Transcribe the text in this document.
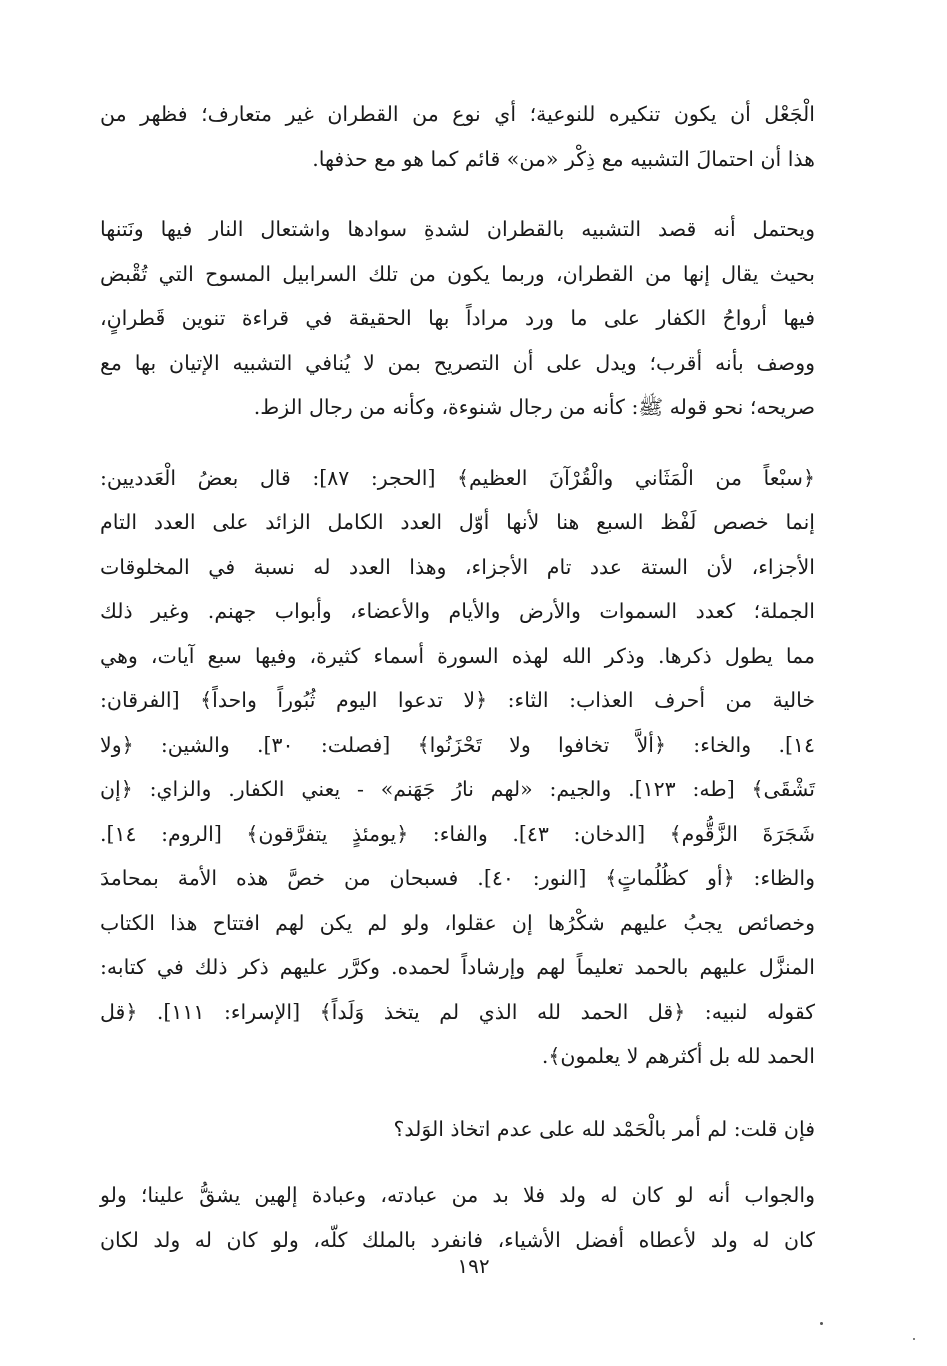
الْجَعْل أن يكون تنكيره للنوعية؛ أي نوع من القطران غير متعارف؛ فظهر من
هذا أن احتمالَ التشبيه مع ذِكْر «من» قائم كما هو مع حذفها.
ويحتمل أنه قصد التشبيه بالقطران لشدةِ سوادها واشتعال النار فيها ونَتنها
بحيث يقال إنها من القطران، وربما يكون من تلك السرابيل المسوح التي تُقْبض
فيها أرواحُ الكفار على ما ورد مراداً بها الحقيقة في قراءة تنوين قَطرانٍ،
ووصف بأنه أقرب؛ ويدل على أن التصريح بمن لا يُنافي التشبيه الإتيان بها مع
صريحه؛ نحو قوله ﷺ: كأنه من رجال شنوءة، وكأنه من رجال الزط.
﴿سبْعاً من الْمَثَاني والْقُرْآنَ العظيم﴾ [الحجر: ٨٧]: قال بعضُ الْعَدديين:
إنما خصص لَفْظ السبع هنا لأنها أوّل العدد الكامل الزائد على العدد التام
الأجزاء، لأن الستة عدد تام الأجزاء، وهذا العدد له نسبة في المخلوقات
الجملة؛ كعدد السموات والأرض والأيام والأعضاء، وأبواب جهنم. وغير ذلك
مما يطول ذكرها. وذكر الله لهذه السورة أسماء كثيرة، وفيها سبع آيات، وهي
خالية من أحرف العذاب: الثاء: ﴿لا تدعوا اليوم ثُبُوراً واحداً﴾ [الفرقان:
١٤]. والخاء: ﴿ألاَّ تخافوا ولا تَحْزَنُوا﴾ [فصلت: ٣٠]. والشين: ﴿ولا
تَشْقَى﴾ [طه: ١٢٣]. والجيم: «لهم نارُ جَهَنم» - يعني الكفار. والزاي: ﴿إن
شَجَرَةَ الزَّقُّوم﴾ [الدخان: ٤٣]. والفاء: ﴿يومئذٍ يتفرَّقون﴾ [الروم: ١٤].
والظاء: ﴿أو كظُلُماتٍ﴾ [النور: ٤٠]. فسبحان من خصَّ هذه الأمة بمحامدَ
وخصائص يجبُ عليهم شكْرُها إن عقلوا، ولو لم يكن لهم افتتاح هذا الكتاب
المنزَّل عليهم بالحمد تعليماً لهم وإرشاداً لحمده. وكرَّر عليهم ذكر ذلك في كتابه:
كقوله لنبيه: ﴿قل الحمد لله الذي لم يتخذ وَلَداً﴾ [الإسراء: ١١١]. ﴿قل
الحمد لله بل أكثرهم لا يعلمون﴾.
فإن قلت: لم أمر بالْحَمْد لله على عدم اتخاذ الوَلد؟
والجواب أنه لو كان له ولد فلا بد من عبادته، وعبادة إلهين يشقُّ علينا؛ ولو
كان له ولد لأعطاه أفضل الأشياء، فانفرد بالملك كلّه، ولو كان له ولد لكان
١٩٢
